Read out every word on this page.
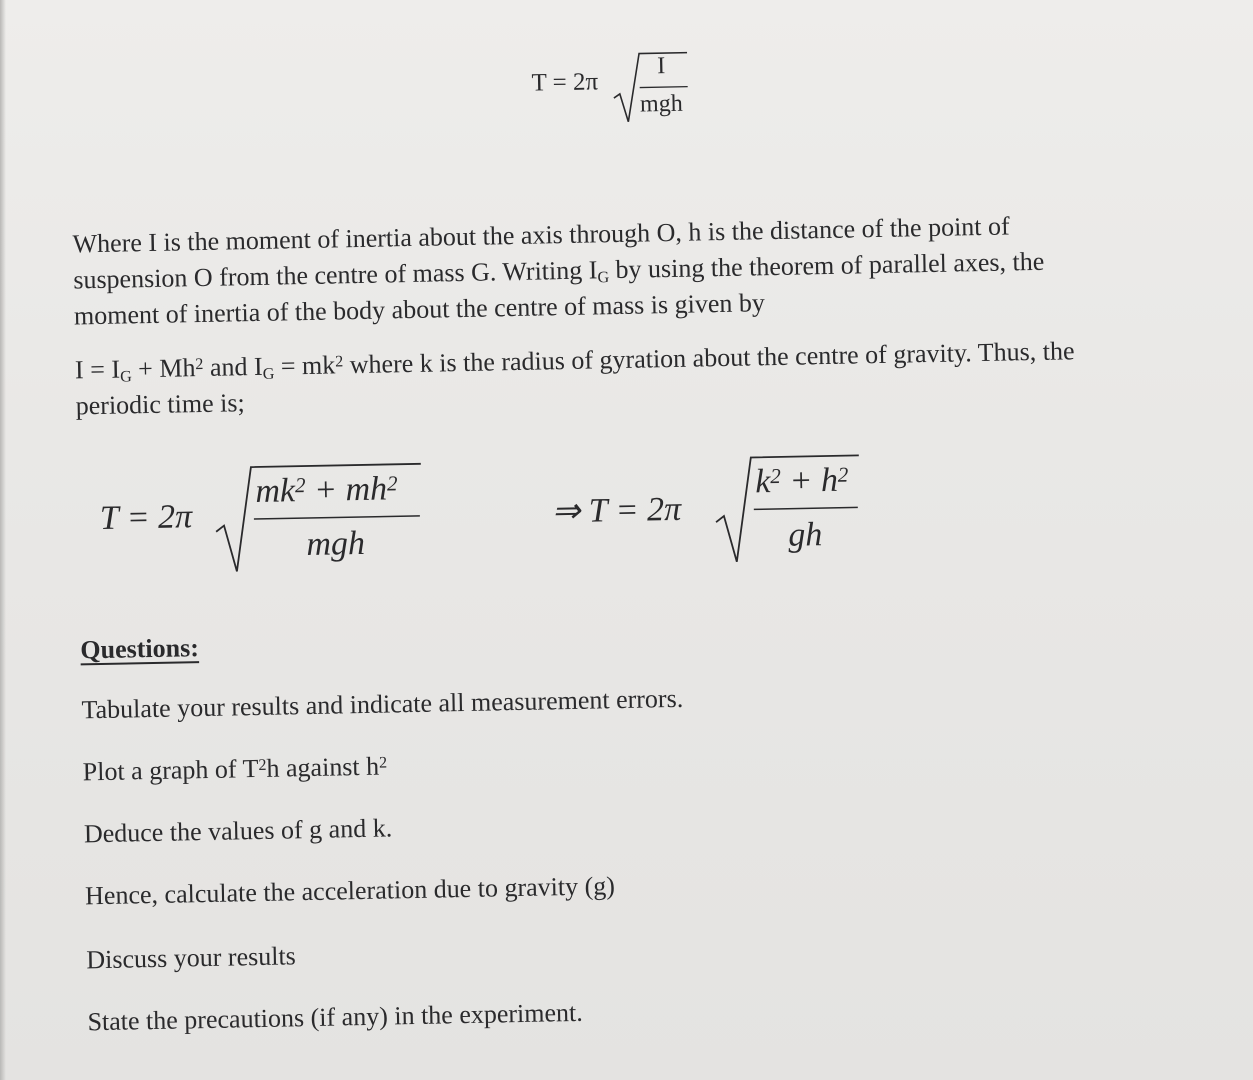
T = 2π
I
mgh

Where I is the moment of inertia about the axis through O, h is the distance of the point of

suspension O from the centre of mass G. Writing $I_G$ by using the theorem of parallel axes, the

moment of inertia of the body about the centre of mass is given by

$I = I_G + Mh^2$ and $I_G = mk^2$ where k is the radius of gyration about the centre of gravity. Thus, the

periodic time is;

T = 2π
$mk^2 + mh^2$
mgh
⇒ T = 2π
$k^2 + h^2$
gh
Questions:
Tabulate your results and indicate all measurement errors.
Plot a graph of $T^2h$ against $h^2$
Deduce the values of g and k.
Hence, calculate the acceleration due to gravity (g)
Discuss your results
State the precautions (if any) in the experiment.
